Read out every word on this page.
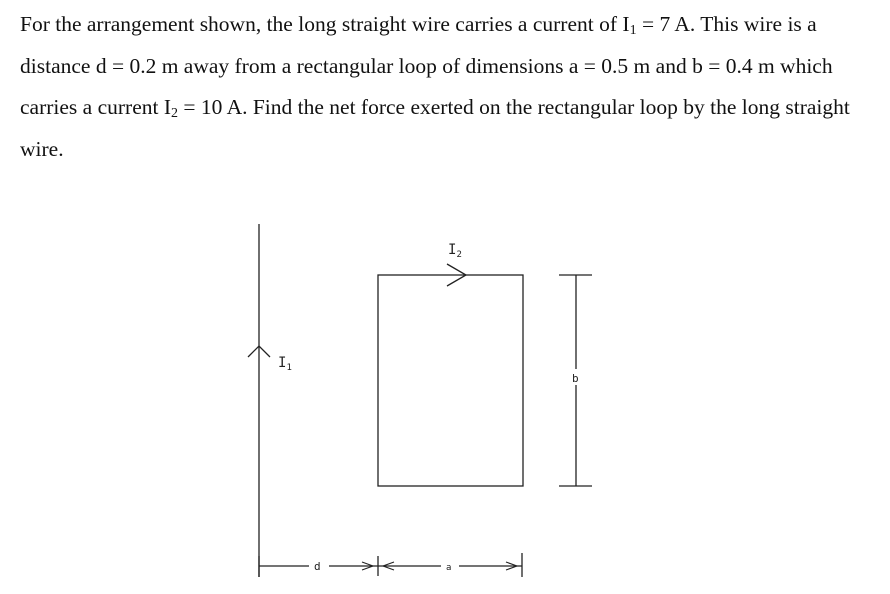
For the arrangement shown, the long straight wire carries a current of $I_1 = 7$ A. This wire is a distance d = 0.2 m away from a rectangular loop of dimensions a = 0.5 m and b = 0.4 m which carries a current $I_2 = 10$ A. Find the net force exerted on the rectangular loop by the long straight wire.

$I_1$
$I_2$
b
d	a
